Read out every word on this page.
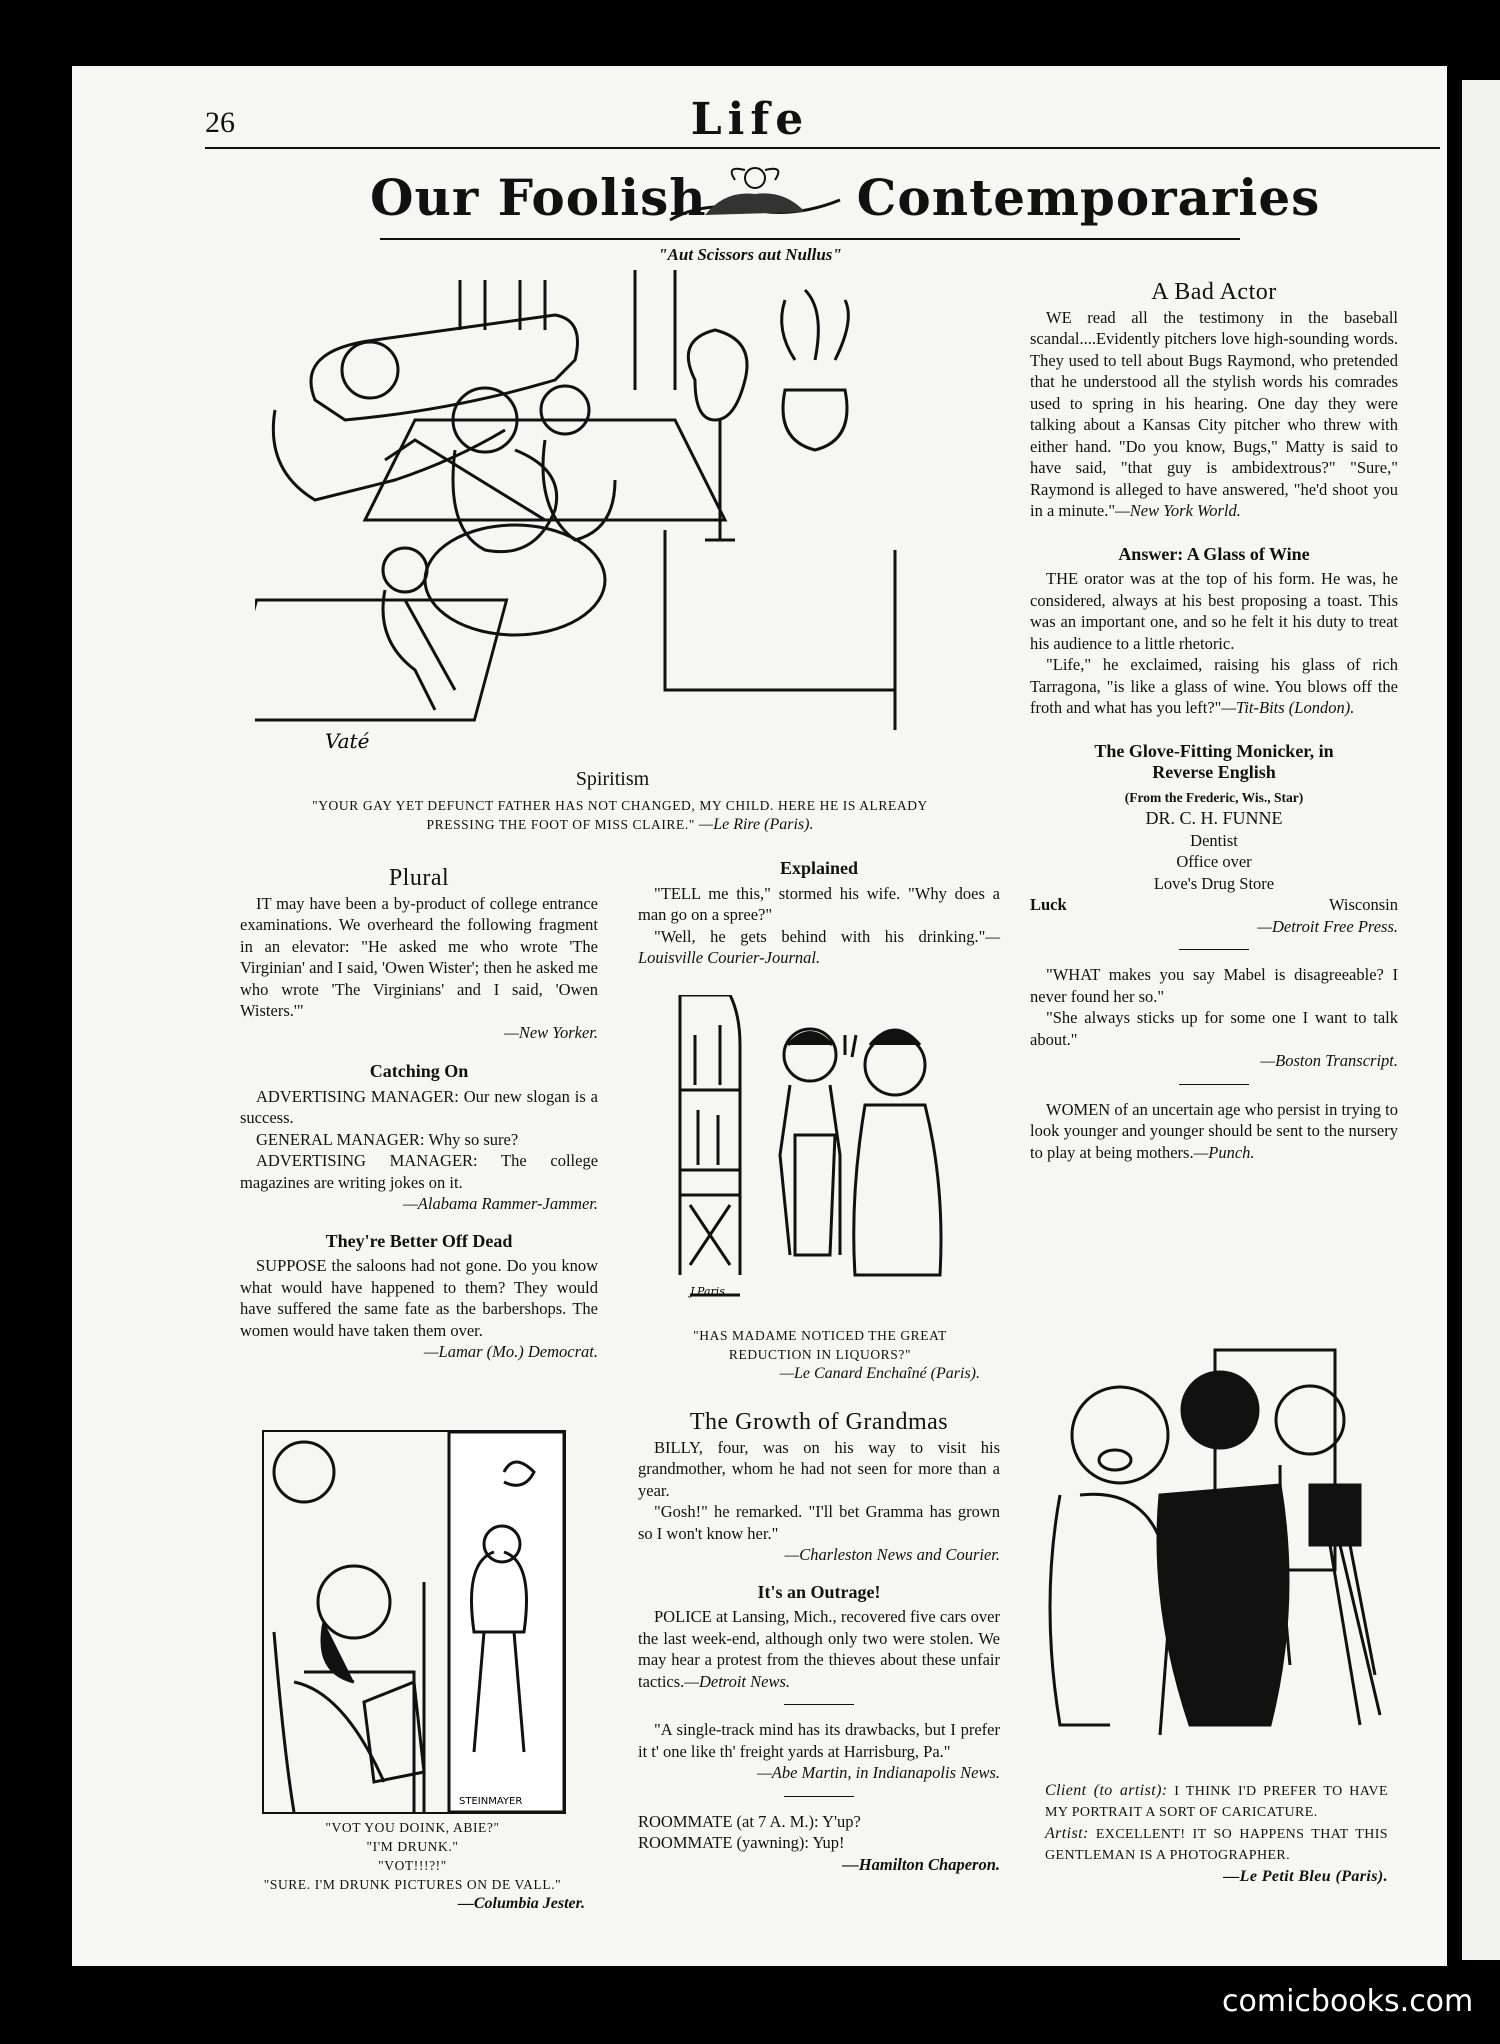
26	Life
Our Foolish	Contemporaries
"Aut Scissors aut Nullus"
Vaté
Spiritism
"YOUR GAY YET DEFUNCT FATHER HAS NOT CHANGED, MY CHILD. HERE HE IS ALREADY PRESSING THE FOOT OF MISS CLAIRE." —Le Rire (Paris).
A Bad Actor

WE read all the testimony in the baseball scandal....Evidently pitchers love high-sounding words. They used to tell about Bugs Raymond, who pretended that he understood all the stylish words his comrades used to spring in his hearing. One day they were talking about a Kansas City pitcher who threw with either hand. "Do you know, Bugs," Matty is said to have said, "that guy is ambidextrous?" "Sure," Raymond is alleged to have answered, "he'd shoot you in a minute."—New York World.

Answer: A Glass of Wine

THE orator was at the top of his form. He was, he considered, always at his best proposing a toast. This was an important one, and so he felt it his duty to treat his audience to a little rhetoric.

"Life," he exclaimed, raising his glass of rich Tarragona, "is like a glass of wine. You blows off the froth and what has you left?"—Tit-Bits (London).

The Glove-Fitting Monicker, in
Reverse English
(From the Frederic, Wis., Star)
DR. C. H. FUNNE
Dentist
Office over
Love's Drug Store
Luck	Wisconsin
—Detroit Free Press.

"WHAT makes you say Mabel is disagreeable? I never found her so."

"She always sticks up for some one I want to talk about."

—Boston Transcript.

WOMEN of an uncertain age who persist in trying to look younger and younger should be sent to the nursery to play at being mothers.—Punch.

Client (to artist): I THINK I'D PREFER TO HAVE MY PORTRAIT A SORT OF CARICATURE.
Artist: EXCELLENT! IT SO HAPPENS THAT THIS GENTLEMAN IS A PHOTOGRAPHER.
—Le Petit Bleu (Paris).
Plural

IT may have been a by-product of college entrance examinations. We overheard the following fragment in an elevator: "He asked me who wrote 'The Virginian' and I said, 'Owen Wister'; then he asked me who wrote 'The Virginians' and I said, 'Owen Wisters.'"

—New Yorker.
Catching On

ADVERTISING MANAGER: Our new slogan is a success.

GENERAL MANAGER: Why so sure?

ADVERTISING MANAGER: The college magazines are writing jokes on it.

—Alabama Rammer-Jammer.
They're Better Off Dead

SUPPOSE the saloons had not gone. Do you know what would have happened to them? They would have suffered the same fate as the barbershops. The women would have taken them over.

—Lamar (Mo.) Democrat.
STEINMAYER
"VOT YOU DOINK, ABIE?"
"I'M DRUNK."
"VOT!!!?!"
"SURE. I'M DRUNK PICTURES ON DE VALL."
—Columbia Jester.
Explained

"TELL me this," stormed his wife. "Why does a man go on a spree?"

"Well, he gets behind with his drinking."—Louisville Courier-Journal.

J.Paris
"HAS MADAME NOTICED THE GREAT REDUCTION IN LIQUORS?"
—Le Canard Enchaîné (Paris).
The Growth of Grandmas

BILLY, four, was on his way to visit his grandmother, whom he had not seen for more than a year.

"Gosh!" he remarked. "I'll bet Gramma has grown so I won't know her."

—Charleston News and Courier.
It's an Outrage!

POLICE at Lansing, Mich., recovered five cars over the last week-end, although only two were stolen. We may hear a protest from the thieves about these unfair tactics.—Detroit News.

"A single-track mind has its drawbacks, but I prefer it t' one like th' freight yards at Harrisburg, Pa."

—Abe Martin, in Indianapolis News.
ROOMMATE (at 7 A. M.): Y'up?
ROOMMATE (yawning): Yup!
—Hamilton Chaperon.
comicbooks.com
